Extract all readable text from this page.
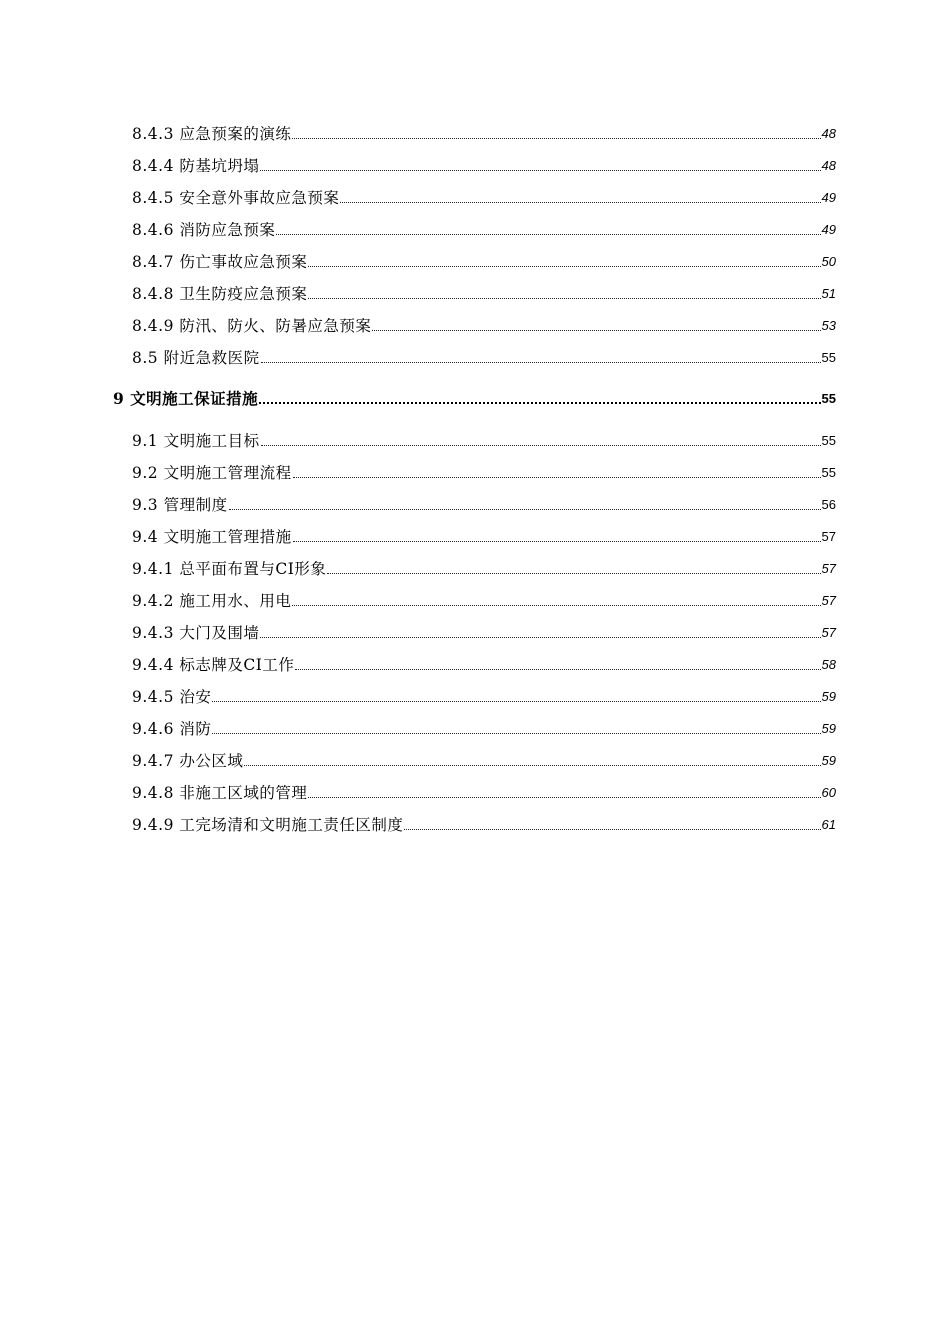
8.4.3 应急预案的演练	48
8.4.4 防基坑坍塌	48
8.4.5 安全意外事故应急预案	49
8.4.6 消防应急预案	49
8.4.7 伤亡事故应急预案	50
8.4.8 卫生防疫应急预案	51
8.4.9 防汛、防火、防暑应急预案	53
8.5 附近急救医院	55
9 文明施工保证措施	55
9.1 文明施工目标	55
9.2 文明施工管理流程	55
9.3 管理制度	56
9.4 文明施工管理措施	57
9.4.1 总平面布置与CI形象	57
9.4.2 施工用水、用电	57
9.4.3 大门及围墙	57
9.4.4 标志牌及CI工作	58
9.4.5 治安	59
9.4.6 消防	59
9.4.7 办公区域	59
9.4.8 非施工区域的管理	60
9.4.9 工完场清和文明施工责任区制度	61
